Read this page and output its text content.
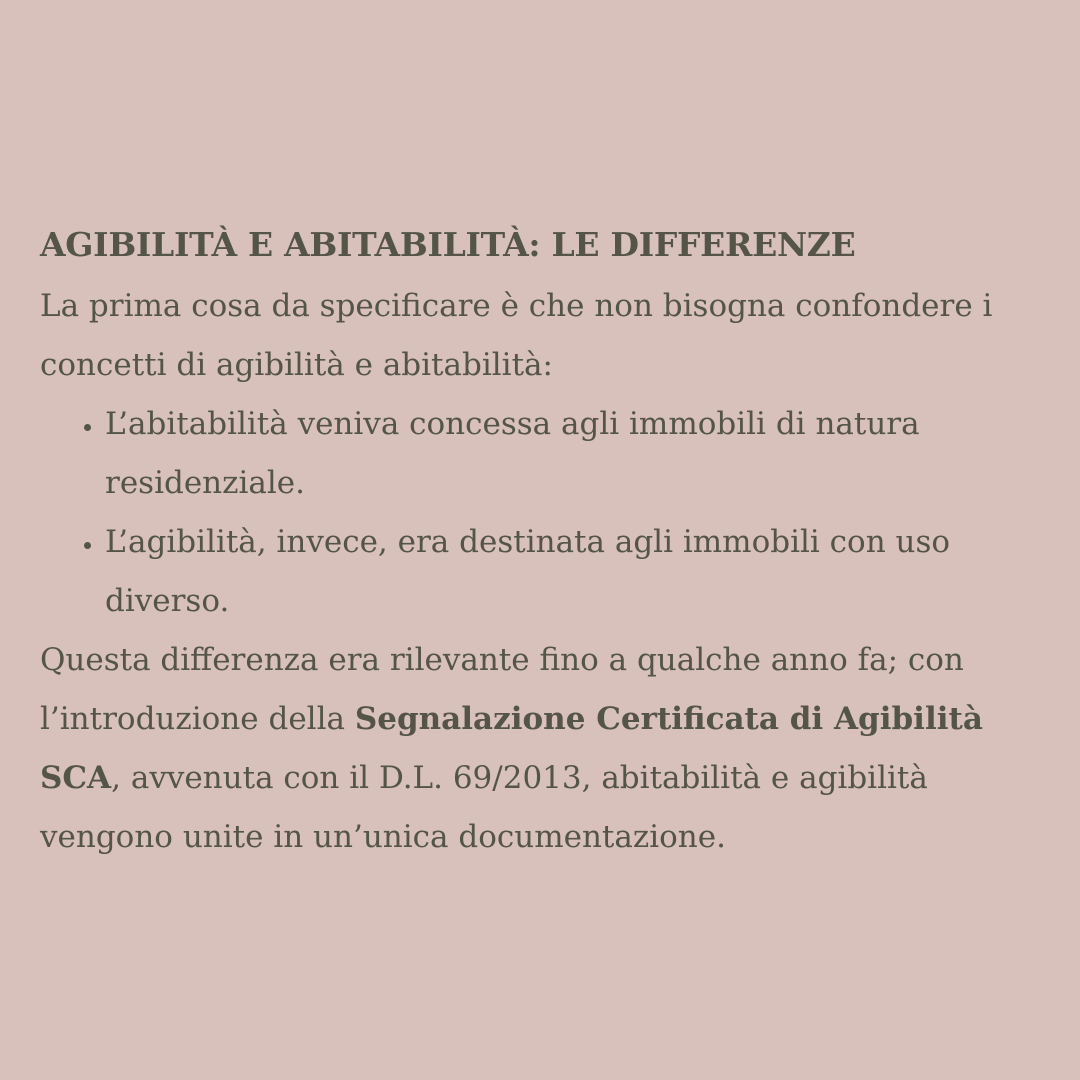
AGIBILITÀ E ABITABILITÀ: LE DIFFERENZE

La prima cosa da specificare è che non bisogna confondere i concetti di agibilità e abitabilità:

• L’abitabilità veniva concessa agli immobili di natura residenziale.
• L’agibilità, invece, era destinata agli immobili con uso diverso.

Questa differenza era rilevante fino a qualche anno fa; con l’introduzione della Segnalazione Certificata di Agibilità SCA, avvenuta con il D.L. 69/2013, abitabilità e agibilità vengono unite in un’unica documentazione.
